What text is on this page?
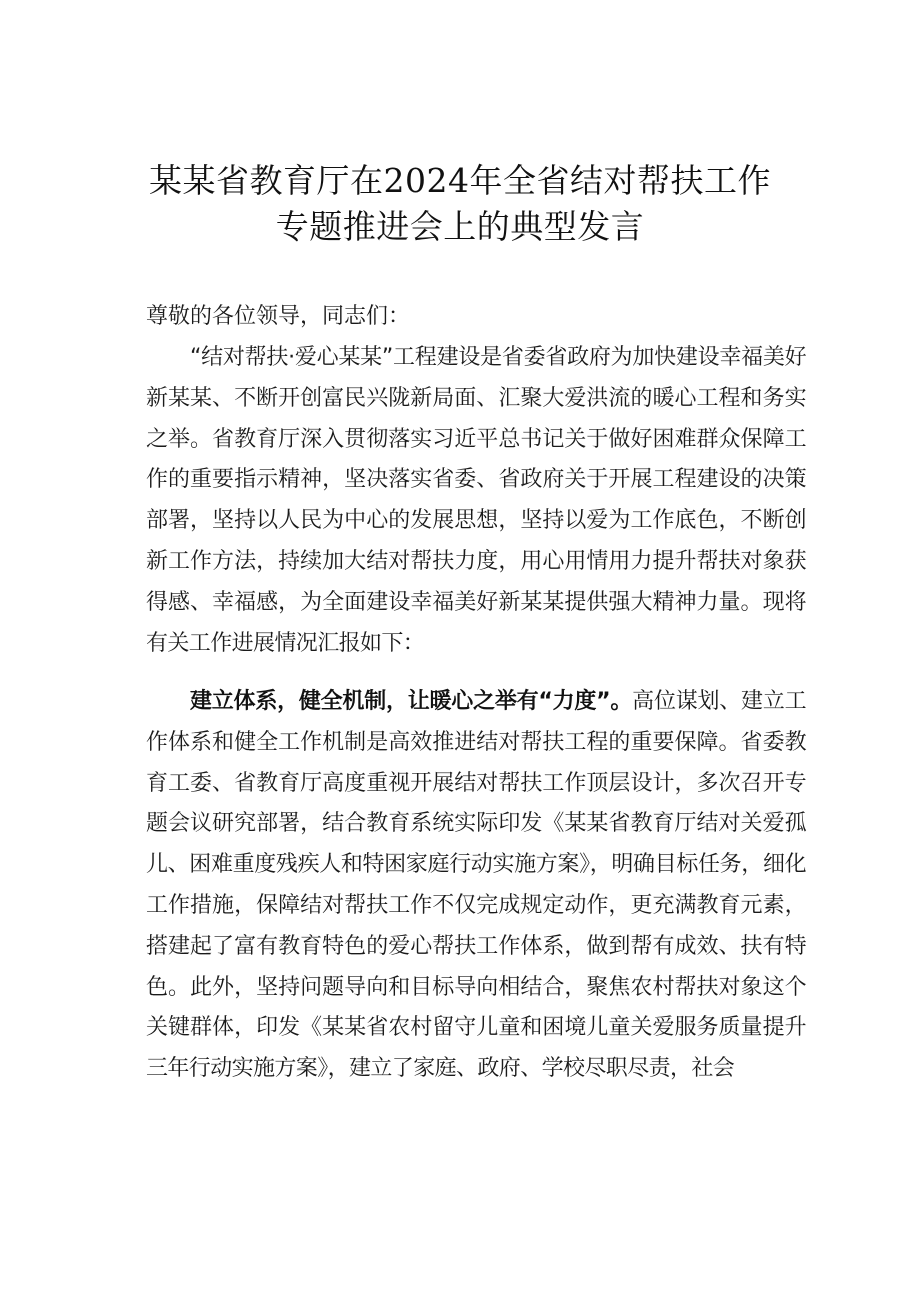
某某省教育厅在2024年全省结对帮扶工作
专题推进会上的典型发言
尊敬的各位领导，同志们：
“结对帮扶·爱心某某”工程建设是省委省政府为加快建设幸福美好新某某、不断开创富民兴陇新局面、汇聚大爱洪流的暖心工程和务实之举。省教育厅深入贯彻落实习近平总书记关于做好困难群众保障工作的重要指示精神，坚决落实省委、省政府关于开展工程建设的决策部署，坚持以人民为中心的发展思想，坚持以爱为工作底色，不断创新工作方法，持续加大结对帮扶力度，用心用情用力提升帮扶对象获得感、幸福感，为全面建设幸福美好新某某提供强大精神力量。现将有关工作进展情况汇报如下：
建立体系，健全机制，让暖心之举有“力度”。高位谋划、建立工作体系和健全工作机制是高效推进结对帮扶工程的重要保障。省委教育工委、省教育厅高度重视开展结对帮扶工作顶层设计，多次召开专题会议研究部署，结合教育系统实际印发《某某省教育厅结对关爱孤儿、困难重度残疾人和特困家庭行动实施方案》，明确目标任务，细化工作措施，保障结对帮扶工作不仅完成规定动作，更充满教育元素，搭建起了富有教育特色的爱心帮扶工作体系，做到帮有成效、扶有特色。此外，坚持问题导向和目标导向相结合，聚焦农村帮扶对象这个关键群体，印发《某某省农村留守儿童和困境儿童关爱服务质量提升三年行动实施方案》，建立了家庭、政府、学校尽职尽责，社会
